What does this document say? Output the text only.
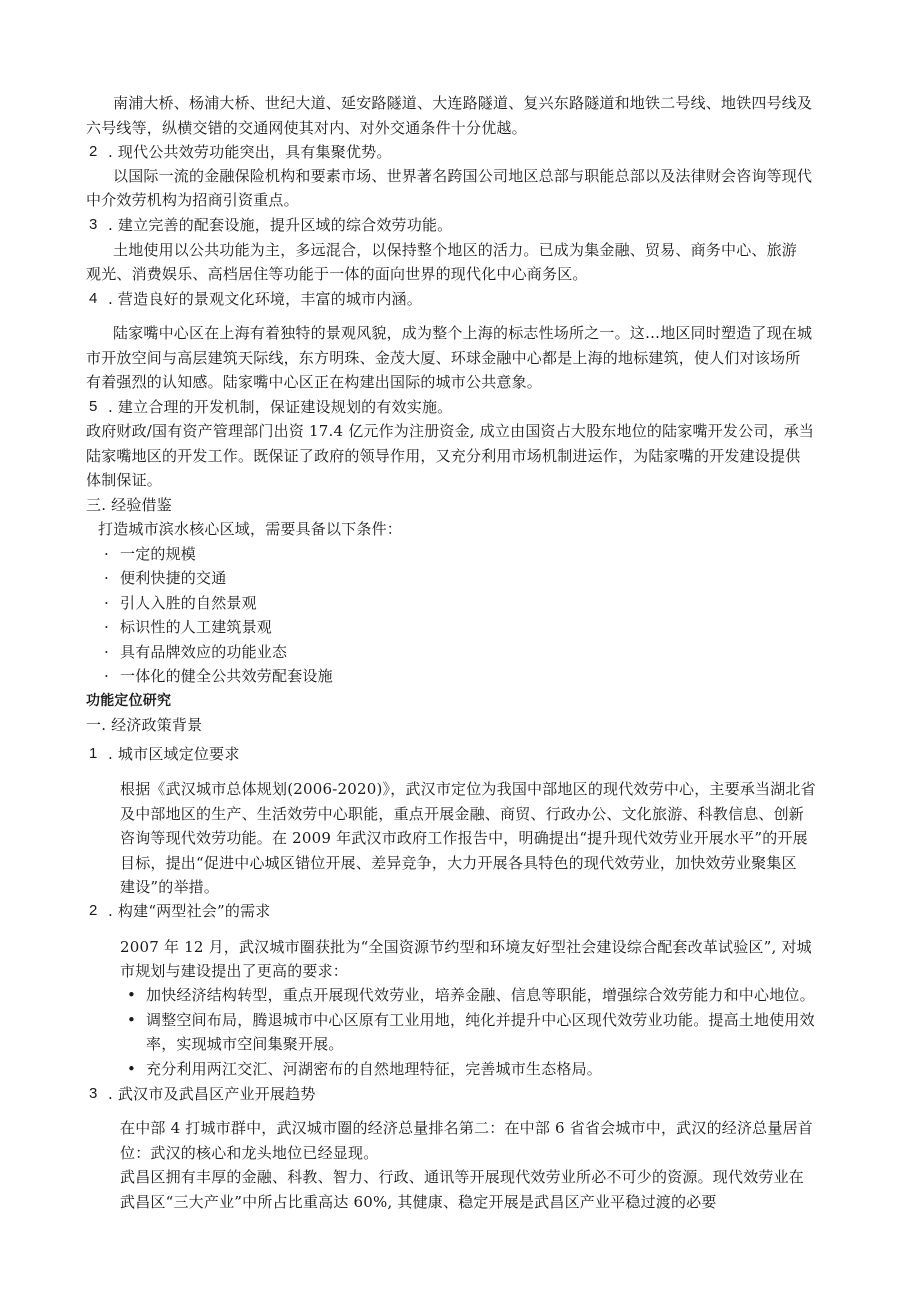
南浦大桥、杨浦大桥、世纪大道、延安路隧道、大连路隧道、复兴东路隧道和地铁二号线、地铁四号线及
六号线等，纵横交错的交通网使其对内、对外交通条件十分优越。
2 . 现代公共效劳功能突出，具有集聚优势。
以国际一流的金融保险机构和要素市场、世界著名跨国公司地区总部与职能总部以及法律财会咨询等现代
中介效劳机构为招商引资重点。
3 . 建立完善的配套设施，提升区域的综合效劳功能。
土地使用以公共功能为主，多远混合，以保持整个地区的活力。已成为集金融、贸易、商务中心、旅游
观光、消费娱乐、高档居住等功能于一体的面向世界的现代化中心商务区。
4 . 营造良好的景观文化环境，丰富的城市内涵。
陆家嘴中心区在上海有着独特的景观风貌，成为整个上海的标志性场所之一。这…地区同时塑造了现在城
市开放空间与高层建筑天际线，东方明珠、金茂大厦、环球金融中心都是上海的地标建筑，使人们对该场所
有着强烈的认知感。陆家嘴中心区正在构建出国际的城市公共意象。
5 . 建立合理的开发机制，保证建设规划的有效实施。
政府财政/国有资产管理部门出资 17.4 亿元作为注册资金, 成立由国资占大股东地位的陆家嘴开发公司，承当
陆家嘴地区的开发工作。既保证了政府的领导作用，又充分利用市场机制进运作，为陆家嘴的开发建设提供
体制保证。
三. 经验借鉴
打造城市滨水核心区域，需要具备以下条件：
· 一定的规模
· 便利快捷的交通
· 引人入胜的自然景观
· 标识性的人工建筑景观
· 具有品牌效应的功能业态
· 一体化的健全公共效劳配套设施
功能定位研究
一. 经济政策背景
1 . 城市区域定位要求
根据《武汉城市总体规划(2006-2020)》，武汉市定位为我国中部地区的现代效劳中心，主要承当湖北省
及中部地区的生产、生活效劳中心职能，重点开展金融、商贸、行政办公、文化旅游、科教信息、创新
咨询等现代效劳功能。在 2009 年武汉市政府工作报告中，明确提出“提升现代效劳业开展水平”的开展
目标，提出“促进中心城区错位开展、差异竞争，大力开展各具特色的现代效劳业，加快效劳业聚集区
建设”的举措。
2 . 构建“两型社会”的需求
2007 年 12 月，武汉城市圈获批为“全国资源节约型和环境友好型社会建设综合配套改革试验区”, 对城
市规划与建设提出了更高的要求：
• 加快经济结构转型，重点开展现代效劳业，培养金融、信息等职能，增强综合效劳能力和中心地位。
• 调整空间布局，腾退城市中心区原有工业用地，纯化并提升中心区现代效劳业功能。提高土地使用效
率，实现城市空间集聚开展。
• 充分利用两江交汇、河湖密布的自然地理特征，完善城市生态格局。
3 . 武汉市及武昌区产业开展趋势
在中部 4 打城市群中，武汉城市圈的经济总量排名第二：在中部 6 省省会城市中，武汉的经济总量居首
位：武汉的核心和龙头地位已经显现。
武昌区拥有丰厚的金融、科教、智力、行政、通讯等开展现代效劳业所必不可少的资源。现代效劳业在
武昌区“三大产业”中所占比重高达 60%, 其健康、稳定开展是武昌区产业平稳过渡的必要
